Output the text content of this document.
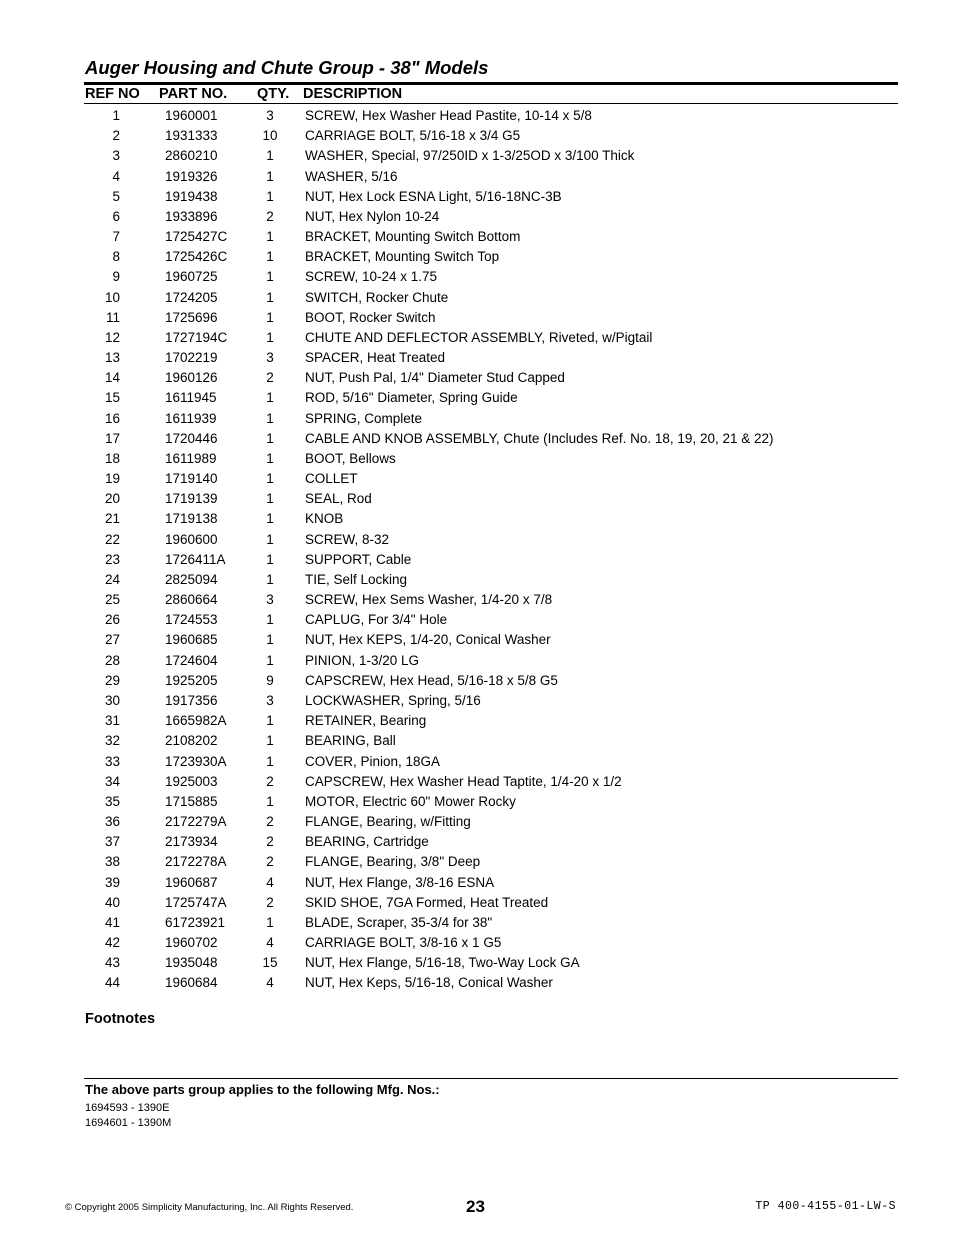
Auger Housing and Chute Group - 38" Models
REF NO PART NO. QTY. DESCRIPTION
1	1960001	3	SCREW, Hex Washer Head Pastite, 10-14 x 5/8
2	1931333	10 CARRIAGE BOLT, 5/16-18 x 3/4 G5
3	2860210	1	WASHER, Special, 97/250ID x 1-3/25OD x 3/100 Thick
4	1919326	1	WASHER, 5/16
5	1919438	1	NUT, Hex Lock ESNA Light, 5/16-18NC-3B
6	1933896	2	NUT, Hex Nylon 10-24
7	1725427C	1	BRACKET, Mounting Switch Bottom
8	1725426C	1	BRACKET, Mounting Switch Top
9	1960725	1	SCREW, 10-24 x 1.75
10	1724205	1	SWITCH, Rocker Chute
11	1725696	1	BOOT, Rocker Switch
12	1727194C	1	CHUTE AND DEFLECTOR ASSEMBLY, Riveted, w/Pigtail
13	1702219	3	SPACER, Heat Treated
14	1960126	2	NUT, Push Pal, 1/4" Diameter Stud Capped
15	1611945	1	ROD, 5/16" Diameter, Spring Guide
16	1611939	1	SPRING, Complete
17	1720446	1	CABLE AND KNOB ASSEMBLY, Chute (Includes Ref. No. 18, 19, 20, 21 & 22)
18	1611989	1	BOOT, Bellows
19	1719140	1	COLLET
20	1719139	1	SEAL, Rod
21	1719138	1	KNOB
22	1960600	1	SCREW, 8-32
23	1726411A	1	SUPPORT, Cable
24	2825094	1	TIE, Self Locking
25	2860664	3	SCREW, Hex Sems Washer, 1/4-20 x 7/8
26	1724553	1	CAPLUG, For 3/4" Hole
27	1960685	1	NUT, Hex KEPS, 1/4-20, Conical Washer
28	1724604	1	PINION, 1-3/20 LG
29	1925205	9	CAPSCREW, Hex Head, 5/16-18 x 5/8 G5
30	1917356	3	LOCKWASHER, Spring, 5/16
31	1665982A	1	RETAINER, Bearing
32	2108202	1	BEARING, Ball
33	1723930A	1	COVER, Pinion, 18GA
34	1925003	2	CAPSCREW, Hex Washer Head Taptite, 1/4-20 x 1/2
35	1715885	1	MOTOR, Electric 60" Mower Rocky
36	2172279A	2	FLANGE, Bearing, w/Fitting
37	2173934	2	BEARING, Cartridge
38	2172278A	2	FLANGE, Bearing, 3/8" Deep
39	1960687	4	NUT, Hex Flange, 3/8-16 ESNA
40	1725747A	2	SKID SHOE, 7GA Formed, Heat Treated
41	61723921	1	BLADE, Scraper, 35-3/4 for 38"
42	1960702	4	CARRIAGE BOLT, 3/8-16 x 1 G5
43	1935048	15 NUT, Hex Flange, 5/16-18, Two-Way Lock GA
44	1960684	4	NUT, Hex Keps, 5/16-18, Conical Washer
Footnotes
The above parts group applies to the following Mfg. Nos.:
1694593 - 1390E
1694601 - 1390M
© Copyright 2005 Simplicity Manufacturing, Inc. All Rights Reserved.	23	TP 400-4155-01-LW-S
